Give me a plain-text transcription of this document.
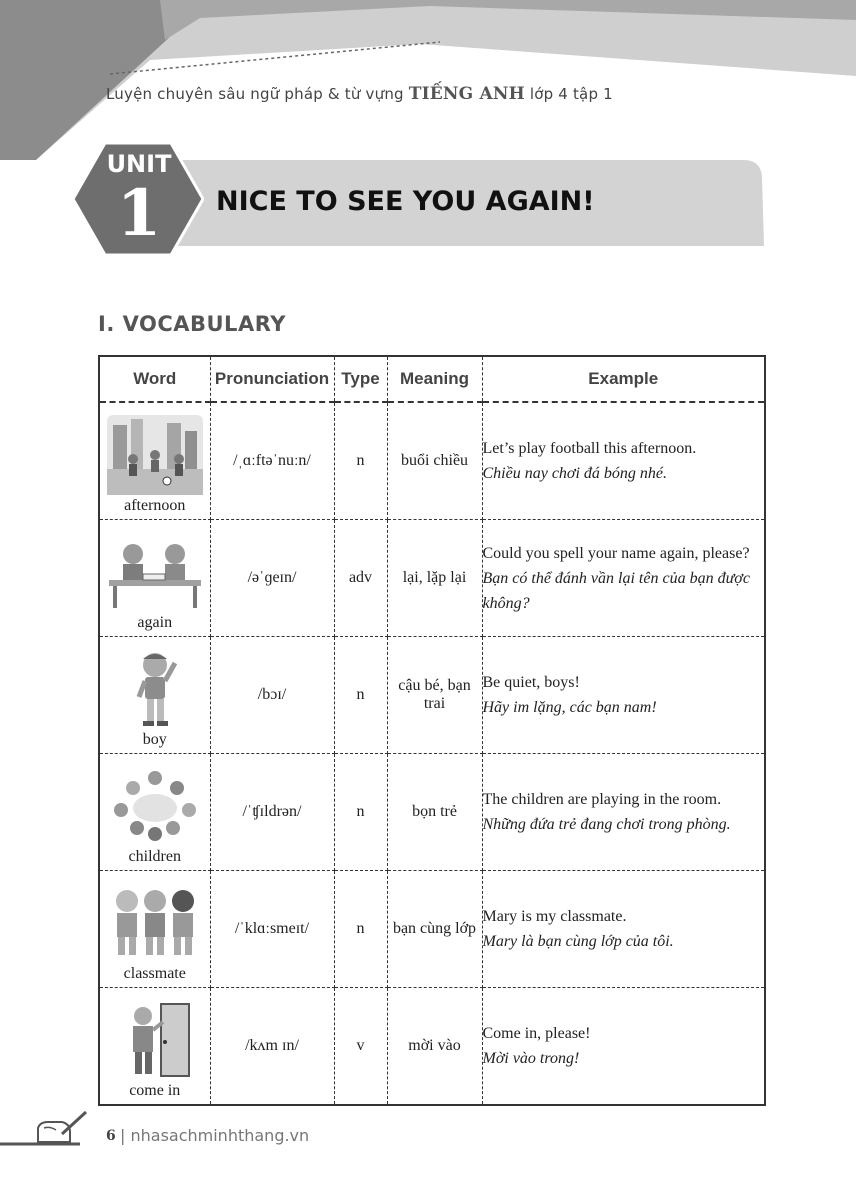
Luyện chuyên sâu ngữ pháp & từ vựng TIẾNG ANH lớp 4 tập 1
UNIT
1	NICE TO SEE YOU AGAIN!
I. VOCABULARY
Word	Pronunciation	Type	Meaning	Example

afternoon	/ˌɑːftəˈnuːn/	n	buổi chiều	Let’s play football this afternoon.
Chiều nay chơi đá bóng nhé.

again	/əˈɡeɪn/	adv	lại, lặp lại	Could you spell your name again, please?
Bạn có thể đánh vần lại tên của bạn được không?

boy	/bɔɪ/	n	cậu bé, bạn trai	Be quiet, boys!
Hãy im lặng, các bạn nam!

children	/ˈʧɪldrən/	n	bọn trẻ	The children are playing in the room.
Những đứa trẻ đang chơi trong phòng.

classmate	/ˈklɑːsmeɪt/	n	bạn cùng lớp	Mary is my classmate.
Mary là bạn cùng lớp của tôi.

come in	/kʌm ɪn/	v	mời vào	Come in, please!
Mời vào trong!
6 | nhasachminhthang.vn
